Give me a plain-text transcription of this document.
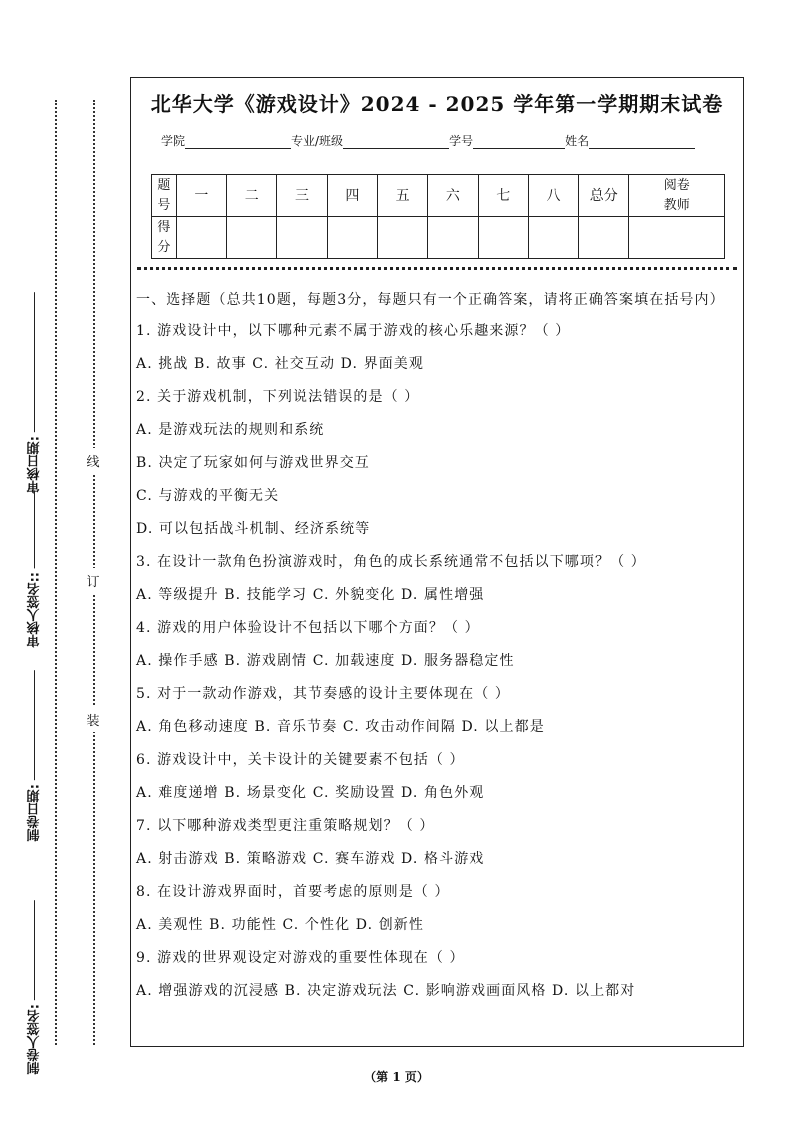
审核日期:
审核人签名::
制卷日期:
制卷人签名:
线
订
装
北华大学《游戏设计》2024 - 2025 学年第一学期期末试卷
学院	专业/班级	学号	姓名
题
号	一	二	三	四	五	六	七	八	总分	阅卷
教师
得
分										

一、选择题（总共10题，每题3分，每题只有一个正确答案，请将正确答案填在括号内）

1. 游戏设计中，以下哪种元素不属于游戏的核心乐趣来源？（ ）
A. 挑战 B. 故事 C. 社交互动 D. 界面美观
2. 关于游戏机制，下列说法错误的是（ ）
A. 是游戏玩法的规则和系统
B. 决定了玩家如何与游戏世界交互
C. 与游戏的平衡无关
D. 可以包括战斗机制、经济系统等
3. 在设计一款角色扮演游戏时，角色的成长系统通常不包括以下哪项？（ ）
A. 等级提升 B. 技能学习 C. 外貌变化 D. 属性增强
4. 游戏的用户体验设计不包括以下哪个方面？（ ）
A. 操作手感 B. 游戏剧情 C. 加载速度 D. 服务器稳定性
5. 对于一款动作游戏，其节奏感的设计主要体现在（ ）
A. 角色移动速度 B. 音乐节奏 C. 攻击动作间隔 D. 以上都是
6. 游戏设计中，关卡设计的关键要素不包括（ ）
A. 难度递增 B. 场景变化 C. 奖励设置 D. 角色外观
7. 以下哪种游戏类型更注重策略规划？（ ）
A. 射击游戏 B. 策略游戏 C. 赛车游戏 D. 格斗游戏
8. 在设计游戏界面时，首要考虑的原则是（ ）
A. 美观性 B. 功能性 C. 个性化 D. 创新性
9. 游戏的世界观设定对游戏的重要性体现在（ ）
A. 增强游戏的沉浸感 B. 决定游戏玩法 C. 影响游戏画面风格 D. 以上都对
（第 1 页）
